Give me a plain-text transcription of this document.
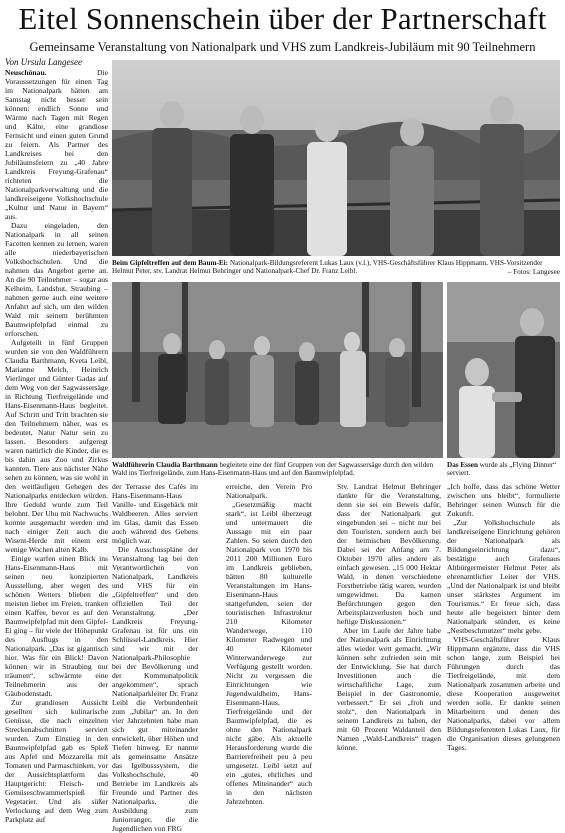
Eitel Sonnenschein über der Partnerschaft
Gemeinsame Veranstaltung von Nationalpark und VHS zum Landkreis-Jubiläum mit 90 Teilnehmern
Von Ursula Langesee

Neuschönau.	Die Voraussetzungen für einen Tag im Nationalpark hätten am Samstag nicht besser sein können: endlich Sonne und Wärme nach Tagen mit Regen und Kälte, eine grandiose Fernsicht und einen guten Grund zu feiern. Als Partner des Landkreises bei den Jubiläumsfeiern zu „40 Jahre Landkreis Freyung-Grafenau“ richteten die Nationalparkverwaltung und die landkreiseigene Volkshochschule „Kultur und Natur in Bayern“ aus.

Dazu eingeladen, den Nationalpark in all seinen Facetten kennen zu lernen, waren alle niederbayerischen Volkshochschulen. Und die nahmen das Angebot gerne an. An die 90 Teilnehmer – sogar aus Kelheim, Landshut, Straubing – nahmen gerne auch eine weitere Anfahrt auf sich, um den wilden Wald mit seinem berühmten Baumwipfelpfad einmal zu erforschen.

Aufgeteilt in fünf Gruppen wurden sie von den Waldführern Claudia Barthmann, Kveta Leibl, Marianne Melch, Heinrich Vierlinger und Günter Gadas auf dem Weg von der Sagwassersäge in Richtung Tierfreigelände und Hans-Eisenmann-Haus begleitet. Auf Schritt und Tritt brachten sie den Teilnehmern näher, was es bedeutet, Natur Natur sein zu lassen. Besonders aufgeregt waren natürlich die Kinder, die es bis dahin aus Zoo und Zirkus kannten. Tiere aus nächster Nähe sehen zu können, was sie wohl in den weitläufigen Gehegen des Nationalparks entdecken würden. Ihre Geduld wurde zum Teil belohnt. Der Uhu mit Nachwuchs konnte ausgemacht werden und nach einiger Zeit auch die Wisent-Herde mit einem erst wenige Wochen alten Kalb.

Einige warfen einen Blick ins Hans-Eisenmann-Haus mit seinen neu konzipierten Ausstellung, aber wegen des schönen Wetters blieben die meisten lieber im Freien, tranken einen Kaffee, bevor es auf den Baumwipfelpfad mit dem Gipfel-Ei ging – für viele der Höhepunkt des Ausflugs in den Nationalpark. „Das ist gigantisch hier. Was für ein Blick! Davon können wir in Straubing nur träumen“, schwärmte eine Teilnehmerin aus der Gäubodenstadt.

Zur grandiosen Aussicht gesellten sich kulinarische Genüsse, die nach einzelnen Streckenabschnitten serviert wurden. Zum Einstieg in den Baumwipfelpfad gab es Spieß aus Apfel und Mozzarella mit Tomaten und Parmaschinken, vor der Aussichtsplattform das Hauptgericht: Fleisch- und Gemüseschwammerlspieß für Vegetarier. Und als süßer Verlockung auf dem Weg zum Parkplatz auf

Beim Gipfeltreffen auf dem Baum-Ei: Nationalpark-Bildungsreferent Lukas Laux (v.l.), VHS-Geschäftsführer Klaus Hippmann, VHS-Vorsitzender Helmut Peter, stv. Landrat Helmut Behringer und Nationalpark-Chef Dr. Franz Leibl.	– Fotos: Langesee
Waldführerin Claudia Barthmann begleitete eine der fünf Gruppen von der Sagwassersäge durch den wilden Wald ins Tierfreigelände, zum Hans-Eisenmann-Haus und auf den Baumwipfelpfad.
Das Essen wurde als „Flying Dinner“ serviert.

der Terrasse des Cafés im Hans-Eisenmann-Haus Vanille- und Eisgebäck mit Waldbeeren. Alles serviert im Glas, damit das Essen auch während des Gehens möglich war.

Die Ausschusspläne der Veranstaltung lag bei den Verantwortlichen von Nationalpark, Landkreis und VHS für ein „Gipfeltreffen“ und den offiziellen Teil der Veranstaltung. „Der Landkreis Freyung-Grafenau ist für uns ein Schlüssel-Landkreis. Hier sind wir mit der Nationalpark-Philosophie bei der Bevölkerung und der Kommunalpolitik angekommen“, sprach Nationalparkleiter Dr. Franz Leibl die Verbundenheit zum „Jubilar“ an. In den vier Jahrzehnten habe man sich gut miteinander entwickelt, über Höhen und Tiefen hinweg. Er nannte als gemeinsame Ansätze das Igelbusssystem, die Volkshochschule, 40 Betriebe im Landkreis als Freunde und Partner des Nationalparks, die Ausbildung zum Juniorranger, die die Jugendlichen von FRG

erreiche, den Verein Pro Nationalpark.

„Gesetzmäßig macht stark“, ist Leibl überzeugt und untermauert die Aussage mit ein paar Zahlen. So seien durch den Nationalpark von 1970 bis 2011 200 Millionen Euro im Landkreis geblieben, hätten 80 kulturelle Veranstaltungen im Hans-Eisenmann-Haus stattgefunden, seien der touristischen Infrastruktur 210 Kilometer Wanderwege, 110 Kilometer Radwegen und 40 Kilometer Winterwanderwege zur Verfügung gestellt worden. Nicht zu vergessen die Einrichtungen wie Jugendwaldheim, Hans-Eisenmann-Haus, Tierfreigelände und der Baumwipfelpfad, die es ohne den Nationalpark nicht gäbe. Als aktuelle Herausforderung wurde die Barrierefreiheit peu à peu umgesetzt. Leibl setzt auf ein „gutes, ehrliches und offenes Miteinander“ auch in den nächsten Jahrzehnten.

Stv. Landrat Helmut Behringer dankte für die Veranstaltung, denn sie sei ein Beweis dafür, dass der Nationalpark gut eingebunden sei – nicht nur bei den Touristen, sondern auch bei der heimischen Bevölkerung. Dabei sei der Anfang am 7. Oktober 1970 alles andere als einfach gewesen. „15 000 Hektar Wald, in denen verschiedene Forstbetriebe tätig waren, wurden umgewidmet. Da kamen Befürchtungen gegen den Arbeitsplatzverlusten hoch und heftige Diskussionen.“

Aber im Laufe der Jahre habe der Nationalpark als Einrichtung alles wieder wett gemacht. „Wir können sehr zufrieden sein mit der Entwicklung. Sie hat durch Investitionen auch die wirtschaftliche Lage, zum Beispiel in der Gastronomie, verbessert.“ Er sei „froh und stolz“, den Nationalpark in seinem Landkreis zu haben, der mit 60 Prozent Waldanteil den Namen „Wald-Landkreis“ tragen könne.

„Ich hoffe, dass das schöne Wetter zwischen uns bleibt“, formulierte Behringer seinen Wunsch für die Zukunft.

„Zur Volkshochschule als landkreiseigene Einrichtung gehören der Nationalpark als Bildungseinrichtung dazu“, bestätigte auch Grafenaus Altbürgermeister Helmut Peter als ehrenamtlicher Leiter der VHS. „Und der Nationalpark ist und bleibt unser stärkstes Argument im Tourismus.“ Er freue sich, dass heute alle begeistert hinter dem Nationalpark stünden, es keine „Nestbeschmutzer“ mehr gebe.

VHS-Geschäftsführer Klaus Hippmann ergänzte, dass die VHS schon lange, zum Beispiel bei Führungen durch das Tierfreigelände, mit dem Nationalpark zusammen arbeite und diese Kooperation ausgeweitet werden solle. Er dankte seinen Mitarbeitern und denen des Nationalparks, dabei vor allem Bildungsreferenten Lukas Laux, für die Organisation dieses gelungenen Tages.
